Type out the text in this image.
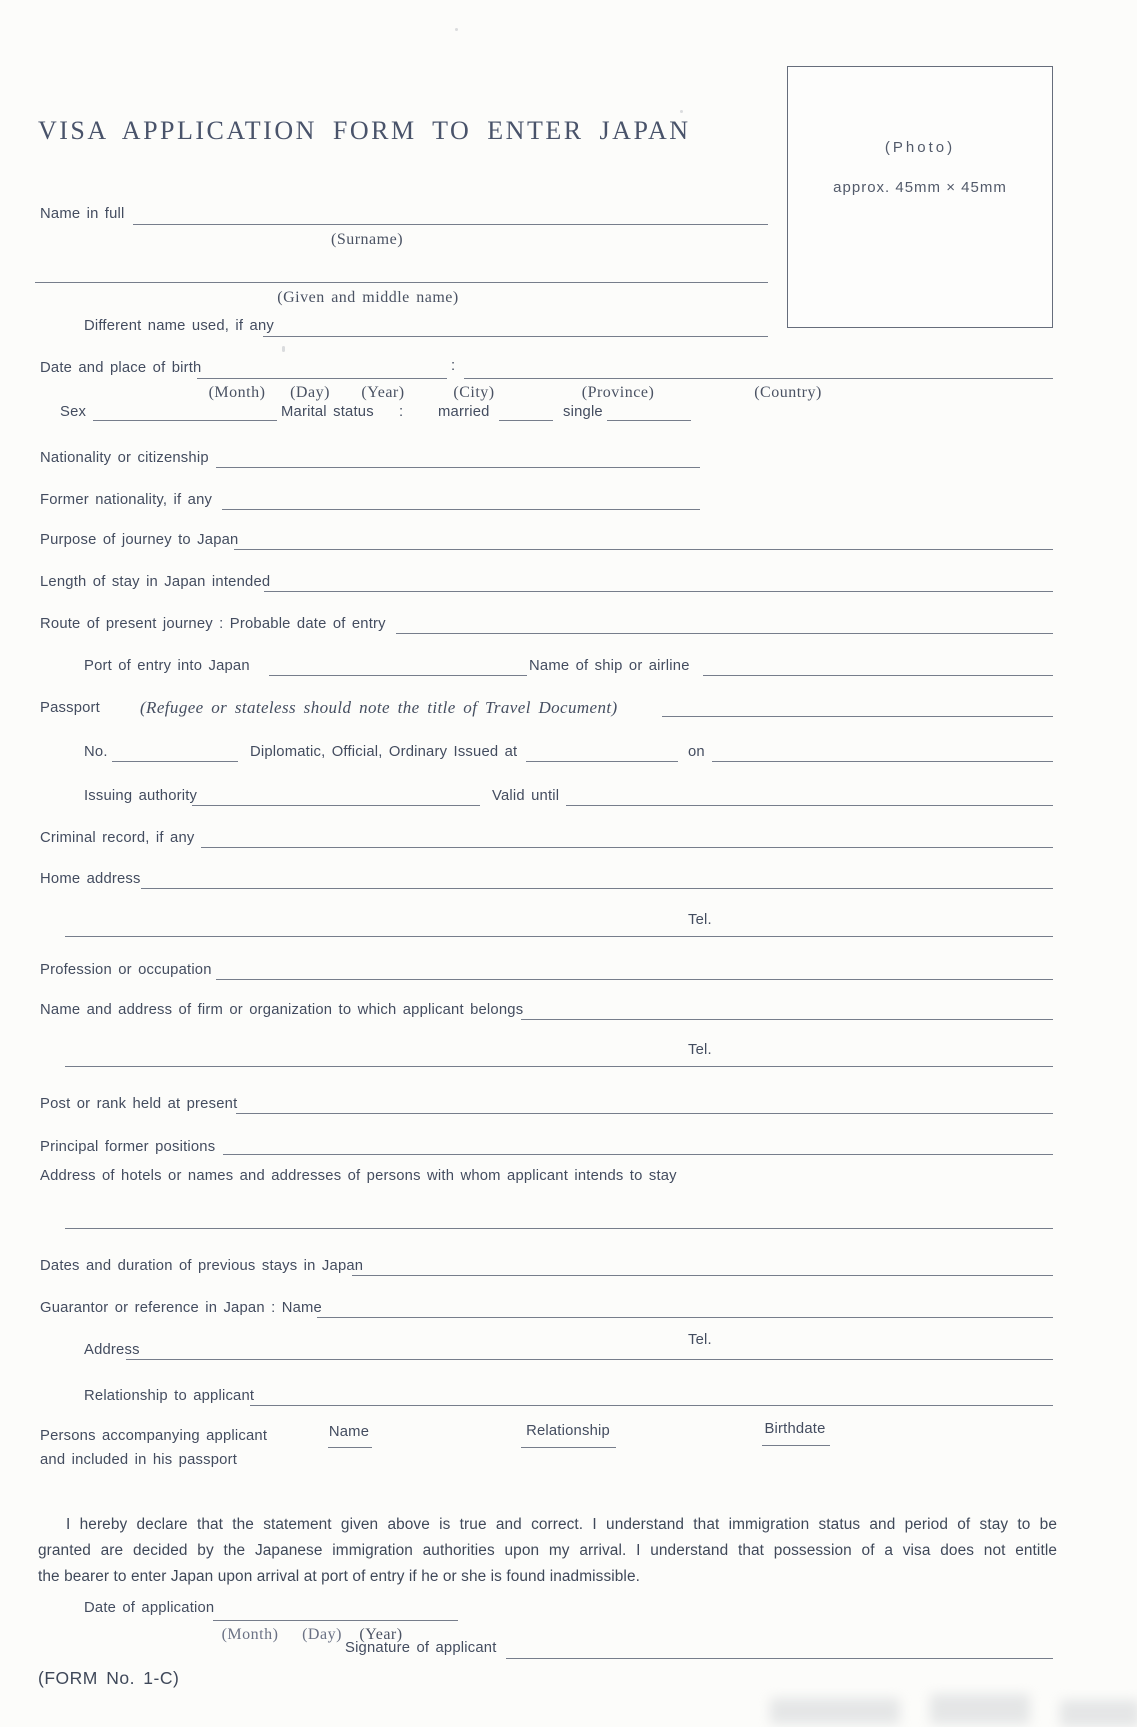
VISA APPLICATION FORM TO ENTER JAPAN
(Photo)
approx. 45mm × 45mm
Name in full
(Surname)
(Given and middle name)
Different name used, if any
Date and place of birth	:
(Month) (Day) (Year)	(City)	(Province)	(Country)
Sex	Marital status : married	single
Nationality or citizenship
Former nationality, if any
Purpose of journey to Japan
Length of stay in Japan intended
Route of present journey : Probable date of entry
Port of entry into Japan	Name of ship or airline
Passport (Refugee or stateless should note the title of Travel Document)
No.	Diplomatic, Official, Ordinary Issued at	on
Issuing authority	Valid until
Criminal record, if any
Home address
Tel.
Profession or occupation
Name and address of firm or organization to which applicant belongs
Tel.
Post or rank held at present
Principal former positions
Address of hotels or names and addresses of persons with whom applicant intends to stay
Dates and duration of previous stays in Japan
Guarantor or reference in Japan : Name
Address
Tel.
Relationship to applicant
Persons accompanying applicant
and included in his passport
Name	Relationship	Birthdate
I hereby declare that the statement given above is true and correct. I understand that immigration status and period of stay to be
granted are decided by the Japanese immigration authorities upon my arrival. I understand that possession of a visa does not entitle
the bearer to enter Japan upon arrival at port of entry if he or she is found inadmissible.
Date of application
(Month) (Day) (Year)
Signature of applicant
(FORM No. 1-C)
